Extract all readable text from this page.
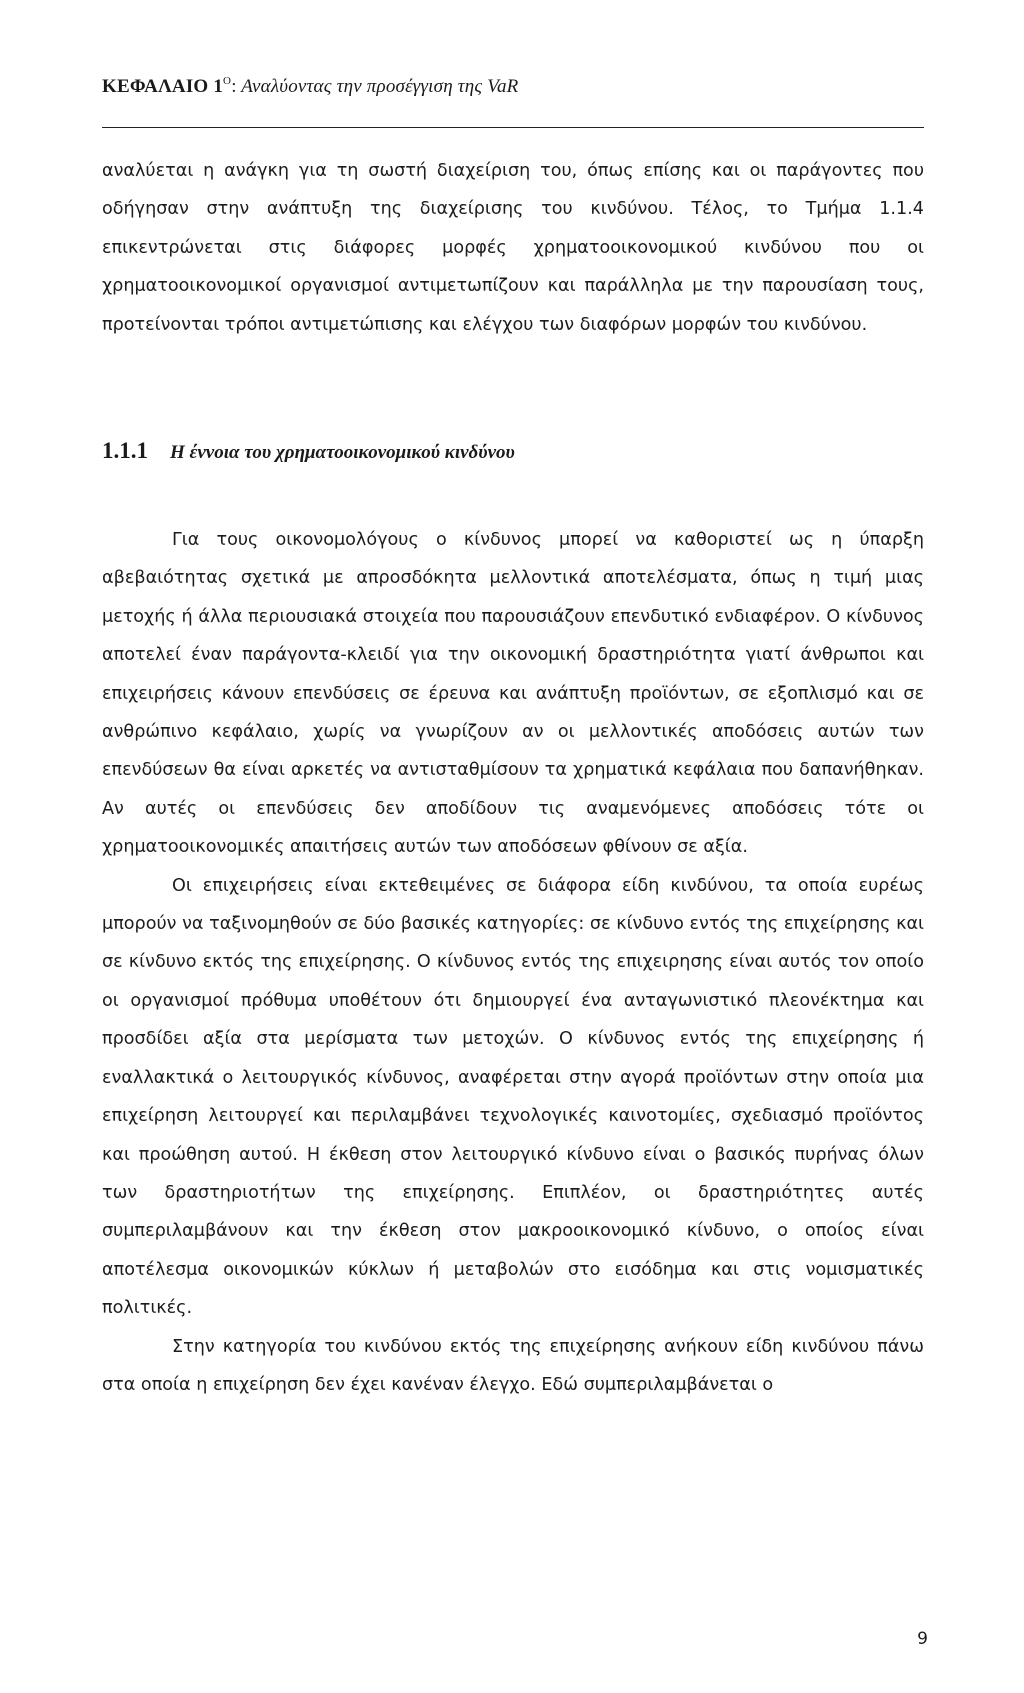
ΚΕΦΑΛΑΙΟ $1^O$: Αναλύοντας την προσέγγιση της VaR

αναλύεται η ανάγκη για τη σωστή διαχείριση του, όπως επίσης και οι παράγοντες που οδήγησαν στην ανάπτυξη της διαχείρισης του κινδύνου. Τέλος, το Τμήμα 1.1.4 επικεντρώνεται στις διάφορες μορφές χρηματοοικονομικού κινδύνου που οι χρηματοοικονομικοί οργανισμοί αντιμετωπίζουν και παράλληλα με την παρουσίαση τους, προτείνονται τρόποι αντιμετώπισης και ελέγχου των διαφόρων μορφών του κινδύνου.

1.1.1 Η έννοια του χρηματοοικονομικού κινδύνου

Για τους οικονομολόγους ο κίνδυνος μπορεί να καθοριστεί ως η ύπαρξη αβεβαιότητας σχετικά με απροσδόκητα μελλοντικά αποτελέσματα, όπως η τιμή μιας μετοχής ή άλλα περιουσιακά στοιχεία που παρουσιάζουν επενδυτικό ενδιαφέρον. Ο κίνδυνος αποτελεί έναν παράγοντα-κλειδί για την οικονομική δραστηριότητα γιατί άνθρωποι και επιχειρήσεις κάνουν επενδύσεις σε έρευνα και ανάπτυξη προϊόντων, σε εξοπλισμό και σε ανθρώπινο κεφάλαιο, χωρίς να γνωρίζουν αν οι μελλοντικές αποδόσεις αυτών των επενδύσεων θα είναι αρκετές να αντισταθμίσουν τα χρηματικά κεφάλαια που δαπανήθηκαν. Αν αυτές οι επενδύσεις δεν αποδίδουν τις αναμενόμενες αποδόσεις τότε οι χρηματοοικονομικές απαιτήσεις αυτών των αποδόσεων φθίνουν σε αξία.

Οι επιχειρήσεις είναι εκτεθειμένες σε διάφορα είδη κινδύνου, τα οποία ευρέως μπορούν να ταξινομηθούν σε δύο βασικές κατηγορίες: σε κίνδυνο εντός της επιχείρησης και σε κίνδυνο εκτός της επιχείρησης. Ο κίνδυνος εντός της επιχειρησης είναι αυτός τον οποίο οι οργανισμοί πρόθυμα υποθέτουν ότι δημιουργεί ένα ανταγωνιστικό πλεονέκτημα και προσδίδει αξία στα μερίσματα των μετοχών. Ο κίνδυνος εντός της επιχείρησης ή εναλλακτικά ο λειτουργικός κίνδυνος, αναφέρεται στην αγορά προϊόντων στην οποία μια επιχείρηση λειτουργεί και περιλαμβάνει τεχνολογικές καινοτομίες, σχεδιασμό προϊόντος και προώθηση αυτού. Η έκθεση στον λειτουργικό κίνδυνο είναι ο βασικός πυρήνας όλων των δραστηριοτήτων της επιχείρησης. Επιπλέον, οι δραστηριότητες αυτές συμπεριλαμβάνουν και την έκθεση στον μακροοικονομικό κίνδυνο, ο οποίος είναι αποτέλεσμα οικονομικών κύκλων ή μεταβολών στο εισόδημα και στις νομισματικές πολιτικές.

Στην κατηγορία του κινδύνου εκτός της επιχείρησης ανήκουν είδη κινδύνου πάνω στα οποία η επιχείρηση δεν έχει κανέναν έλεγχο. Εδώ συμπεριλαμβάνεται ο

9
